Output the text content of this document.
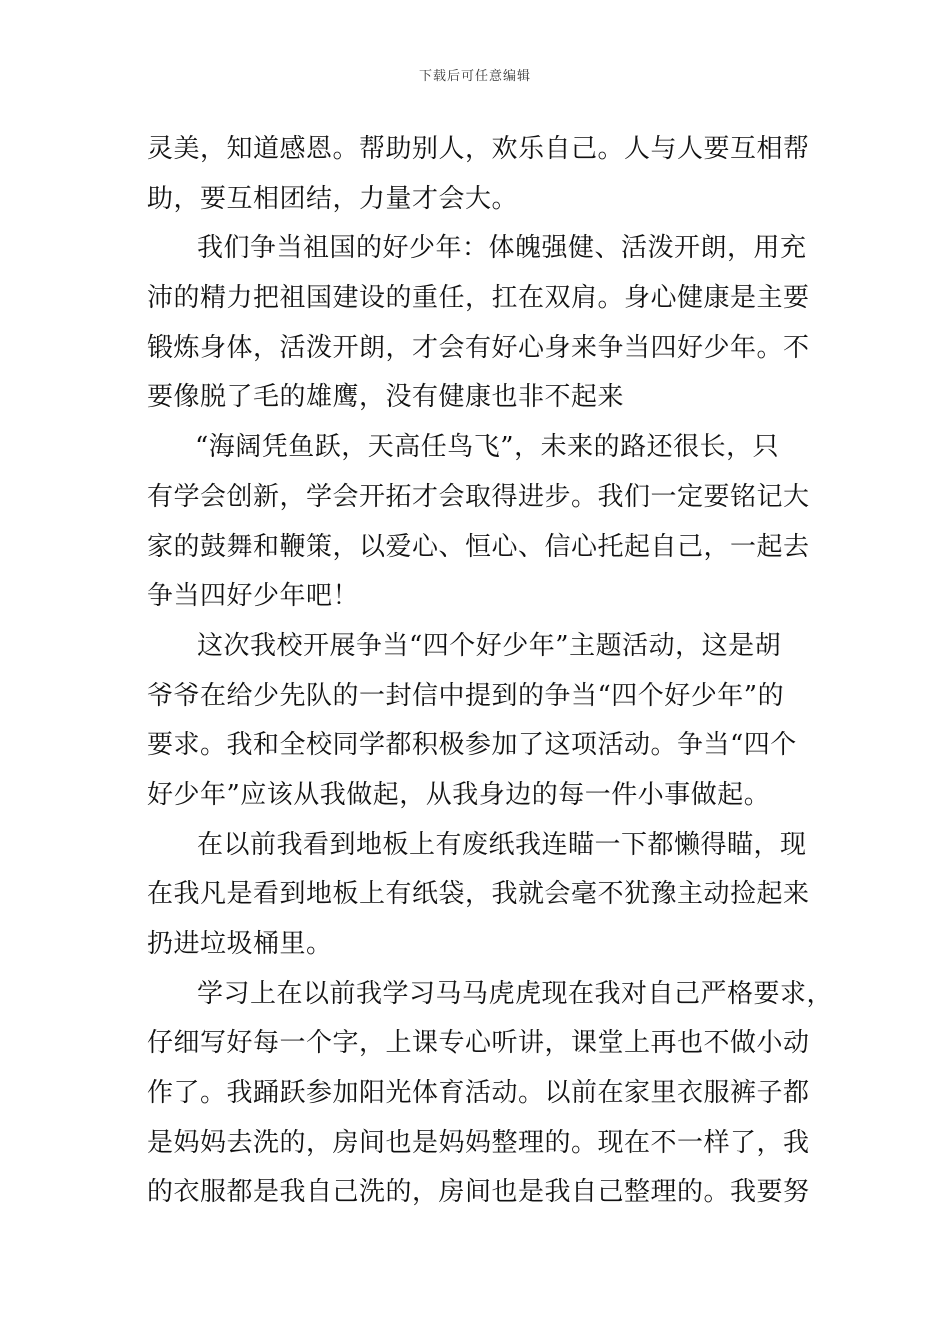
下载后可任意编辑
灵美，知道感恩。帮助别人，欢乐自己。人与人要互相帮
助，要互相团结，力量才会大。
我们争当祖国的好少年：体魄强健、活泼开朗，用充
沛的精力把祖国建设的重任，扛在双肩。身心健康是主要
锻炼身体，活泼开朗，才会有好心身来争当四好少年。不
要像脱了毛的雄鹰，没有健康也非不起来
“海阔凭鱼跃，天高任鸟飞”，未来的路还很长，只
有学会创新，学会开拓才会取得进步。我们一定要铭记大
家的鼓舞和鞭策，以爱心、恒心、信心托起自己，一起去
争当四好少年吧！
这次我校开展争当“四个好少年”主题活动，这是胡
爷爷在给少先队的一封信中提到的争当“四个好少年”的
要求。我和全校同学都积极参加了这项活动。争当“四个
好少年”应该从我做起，从我身边的每一件小事做起。
在以前我看到地板上有废纸我连瞄一下都懒得瞄，现
在我凡是看到地板上有纸袋，我就会毫不犹豫主动捡起来
扔进垃圾桶里。
学习上在以前我学习马马虎虎现在我对自己严格要求，
仔细写好每一个字，上课专心听讲，课堂上再也不做小动
作了。我踊跃参加阳光体育活动。以前在家里衣服裤子都
是妈妈去洗的，房间也是妈妈整理的。现在不一样了，我
的衣服都是我自己洗的，房间也是我自己整理的。我要努
